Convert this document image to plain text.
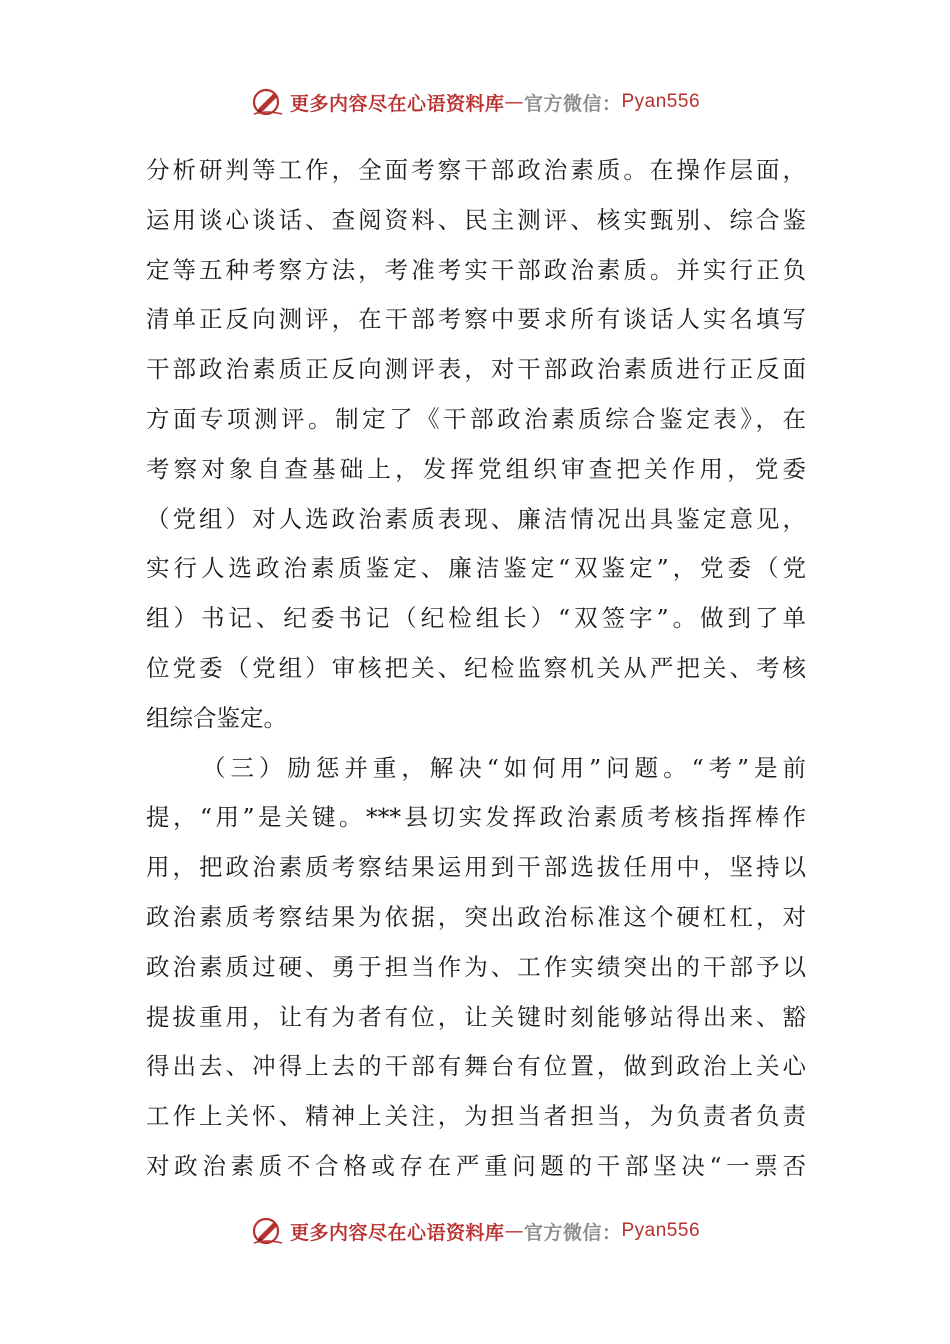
更多内容尽在心语资料库 — 官方微信： Pyan556
分析研判等工作，全面考察干部政治素质。在操作层面，
运用谈心谈话、查阅资料、民主测评、核实甄别、综合鉴
定等五种考察方法，考准考实干部政治素质。并实行正负
清单正反向测评，在干部考察中要求所有谈话人实名填写
干部政治素质正反向测评表，对干部政治素质进行正反面
方面专项测评。制定了《干部政治素质综合鉴定表》，在
考察对象自查基础上，发挥党组织审查把关作用，党委
（党组）对人选政治素质表现、廉洁情况出具鉴定意见，
实行人选政治素质鉴定、廉洁鉴定“双鉴定”，党委（党
组）书记、纪委书记（纪检组长）“双签字”。做到了单
位党委（党组）审核把关、纪检监察机关从严把关、考核
组综合鉴定。
（三）励惩并重，解决“如何用”问题。“考”是前
提，“用”是关键。***县切实发挥政治素质考核指挥棒作
用，把政治素质考察结果运用到干部选拔任用中，坚持以
政治素质考察结果为依据，突出政治标准这个硬杠杠，对
政治素质过硬、勇于担当作为、工作实绩突出的干部予以
提拔重用，让有为者有位，让关键时刻能够站得出来、豁
得出去、冲得上去的干部有舞台有位置，做到政治上关心
工作上关怀、精神上关注，为担当者担当，为负责者负责
对政治素质不合格或存在严重问题的干部坚决“一票否
更多内容尽在心语资料库 — 官方微信： Pyan556
